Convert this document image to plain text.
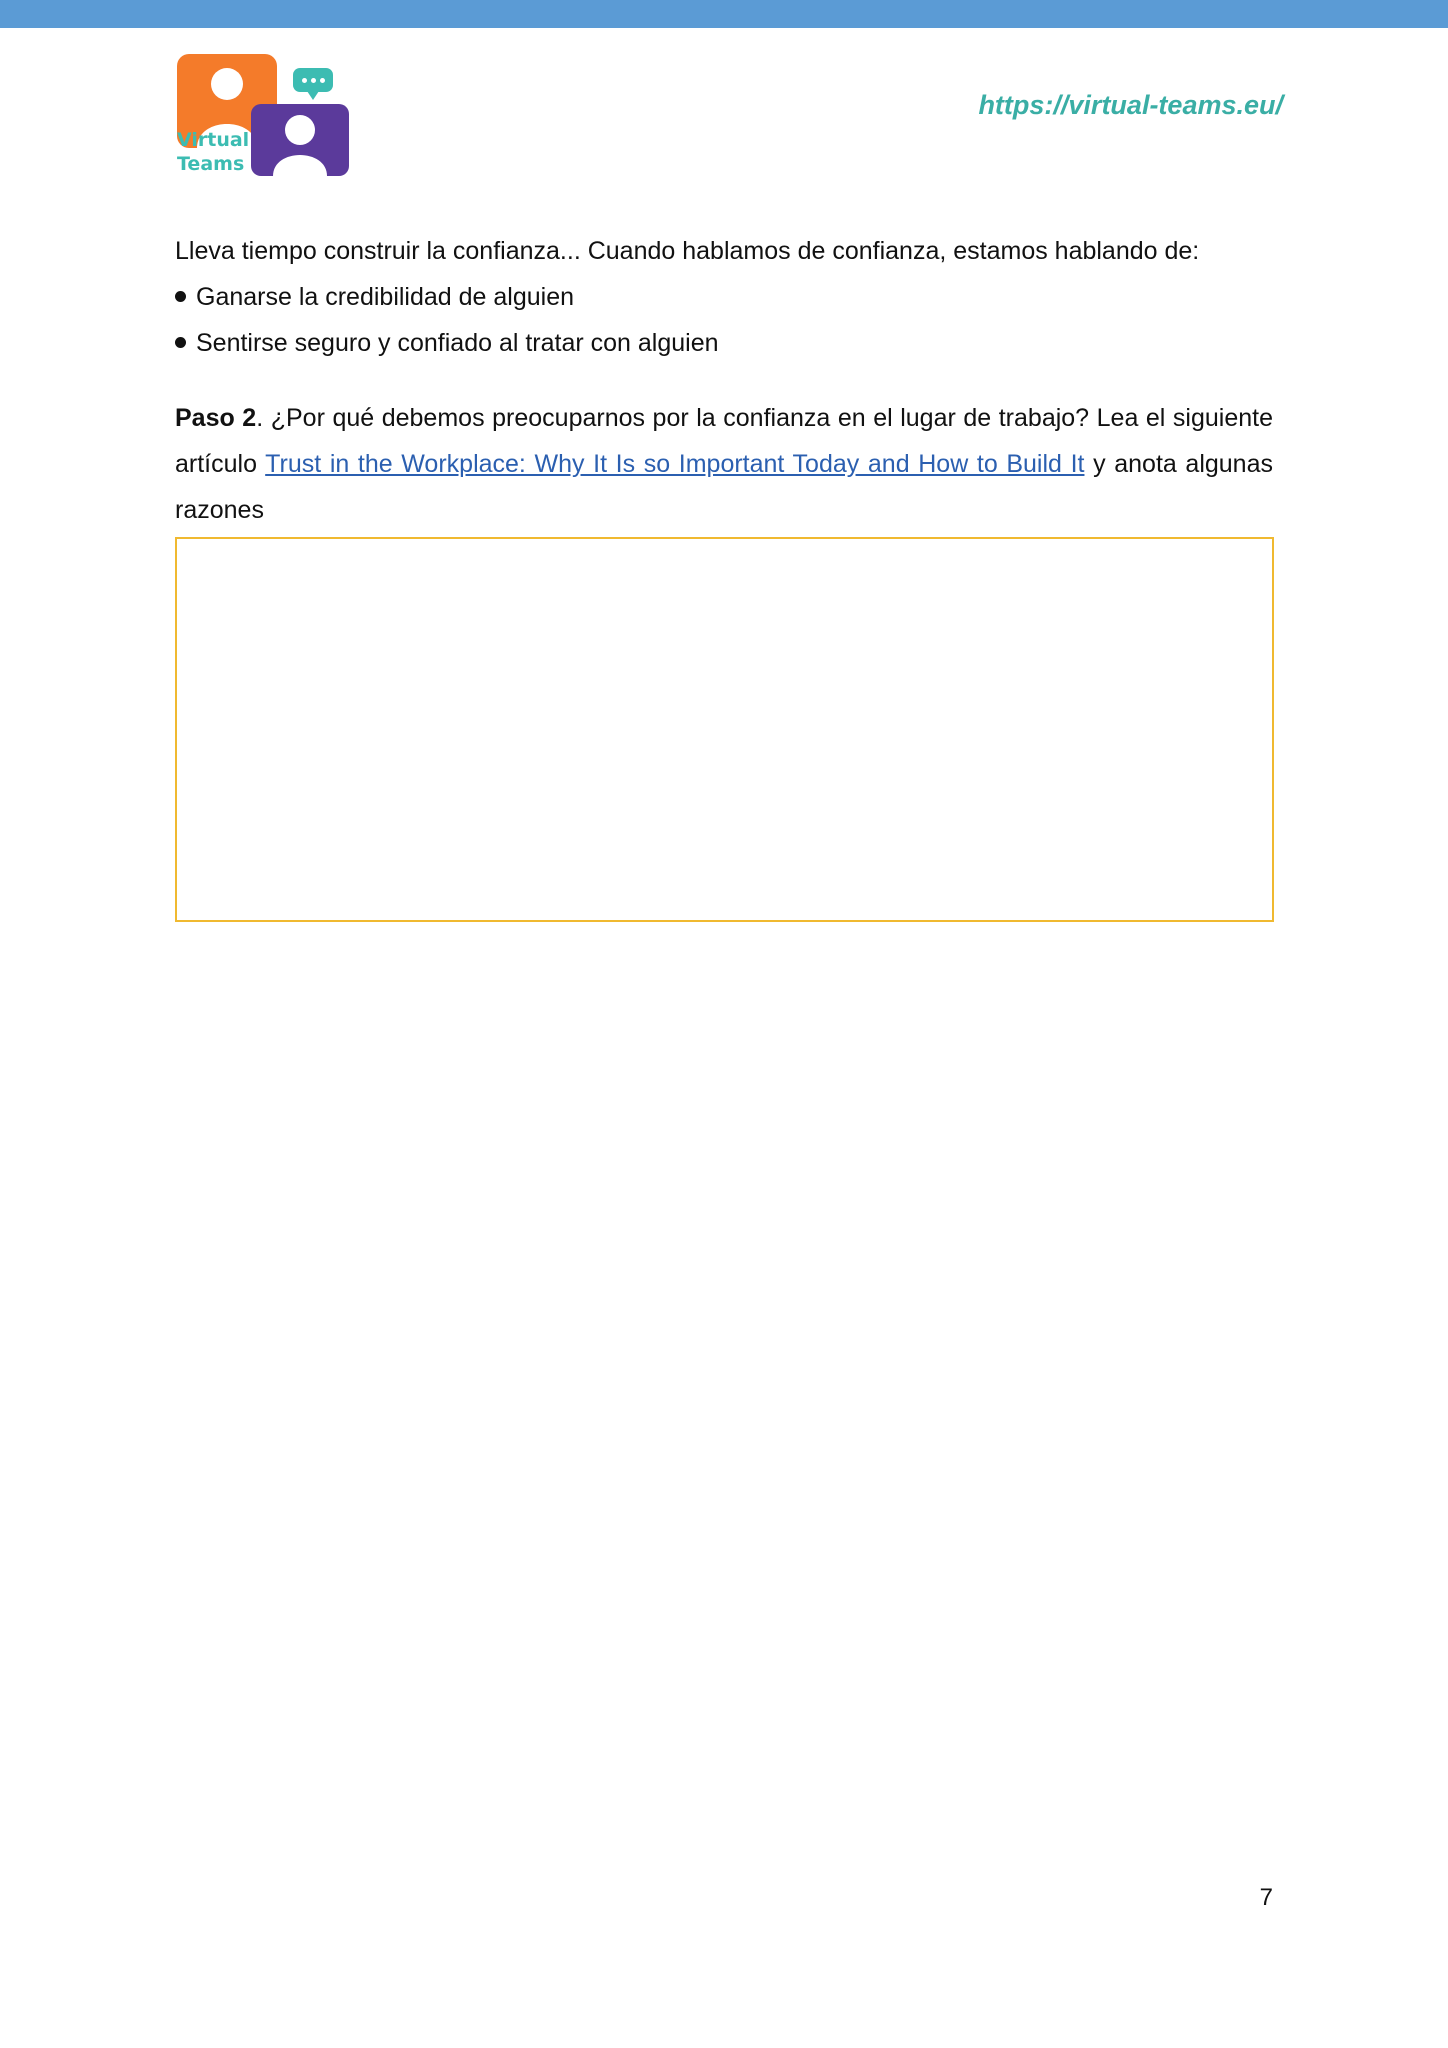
Virtual
Teams
https://virtual-teams.eu/

Lleva tiempo construir la confianza... Cuando hablamos de confianza, estamos hablando de:

Ganarse la credibilidad de alguien

Sentirse seguro y confiado al tratar con alguien

Paso 2. ¿Por qué debemos preocuparnos por la confianza en el lugar de trabajo? Lea el siguiente artículo Trust in the Workplace: Why It Is so Important Today and How to Build It y anota algunas razones
7
